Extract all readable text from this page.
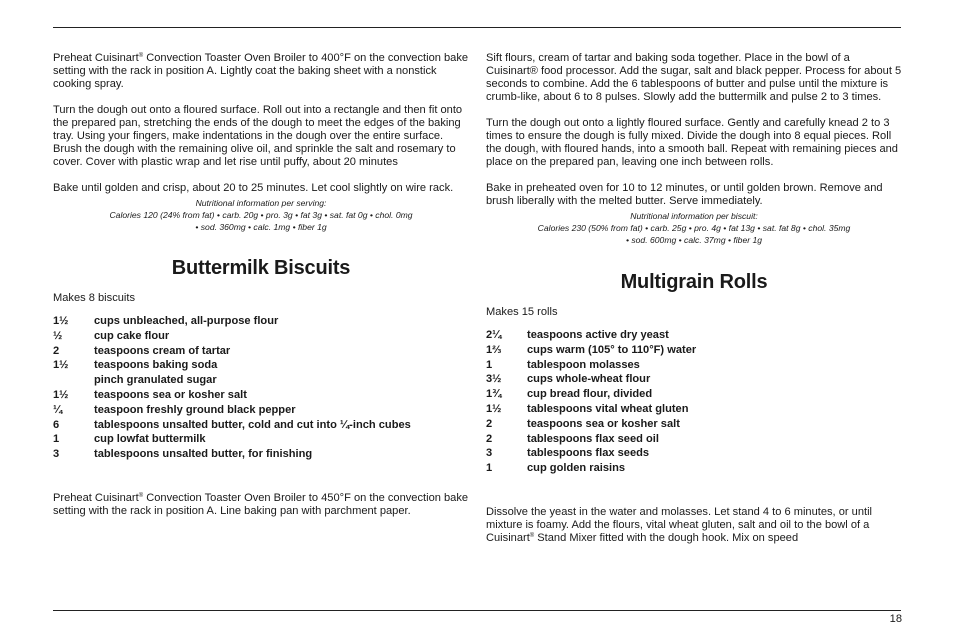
Preheat Cuisinart® Convection Toaster Oven Broiler to 400°F on the convection bake setting with the rack in position A. Lightly coat the baking sheet with a nonstick cooking spray.

Turn the dough out onto a floured surface. Roll out into a rectangle and then fit onto the prepared pan, stretching the ends of the dough to meet the edges of the baking tray. Using your fingers, make indentations in the dough over the entire surface. Brush the dough with the remaining olive oil, and sprinkle the salt and rosemary to cover. Cover with plastic wrap and let rise until puffy, about 20 minutes

Bake until golden and crisp, about 20 to 25 minutes. Let cool slightly on wire rack.

Nutritional information per serving:

Calories 120 (24% from fat) • carb. 20g • pro. 3g • fat 3g • sat. fat 0g • chol. 0mg

• sod. 360mg • calc. 1mg • fiber 1g

Buttermilk Biscuits

Makes 8 biscuits

1½	cups unbleached, all-purpose flour
½	cup cake flour
2	teaspoons cream of tartar
1½	teaspoons baking soda
	pinch granulated sugar
1½	teaspoons sea or kosher salt
¼	teaspoon freshly ground black pepper
6	tablespoons unsalted butter, cold and cut into ¼-inch cubes
1	cup lowfat buttermilk
3	tablespoons unsalted butter, for finishing

Preheat Cuisinart® Convection Toaster Oven Broiler to 450°F on the convection bake setting with the rack in position A. Line baking pan with parchment paper.

Sift flours, cream of tartar and baking soda together. Place in the bowl of a Cuisinart® food processor. Add the sugar, salt and black pepper. Process for about 5 seconds to combine. Add the 6 tablespoons of butter and pulse until the mixture is crumb-like, about 6 to 8 pulses. Slowly add the buttermilk and pulse 2 to 3 times.

Turn the dough out onto a lightly floured surface. Gently and carefully knead 2 to 3 times to ensure the dough is fully mixed. Divide the dough into 8 equal pieces. Roll the dough, with floured hands, into a smooth ball. Repeat with remaining pieces and place on the prepared pan, leaving one inch between rolls.

Bake in preheated oven for 10 to 12 minutes, or until golden brown. Remove and brush liberally with the melted butter. Serve immediately.

Nutritional information per biscuit:

Calories 230 (50% from fat) • carb. 25g • pro. 4g • fat 13g • sat. fat 8g • chol. 35mg

• sod. 600mg • calc. 37mg • fiber 1g

Multigrain Rolls

Makes 15 rolls

2¼	teaspoons active dry yeast
1⅔	cups warm (105° to 110°F) water
1	tablespoon molasses
3½	cups whole-wheat flour
1¾	cup bread flour, divided
1½	tablespoons vital wheat gluten
2	teaspoons sea or kosher salt
2	tablespoons flax seed oil
3	tablespoons flax seeds
1	cup golden raisins

Dissolve the yeast in the water and molasses. Let stand 4 to 6 minutes, or until mixture is foamy. Add the flours, vital wheat gluten, salt and oil to the bowl of a Cuisinart® Stand Mixer fitted with the dough hook. Mix on speed

18
